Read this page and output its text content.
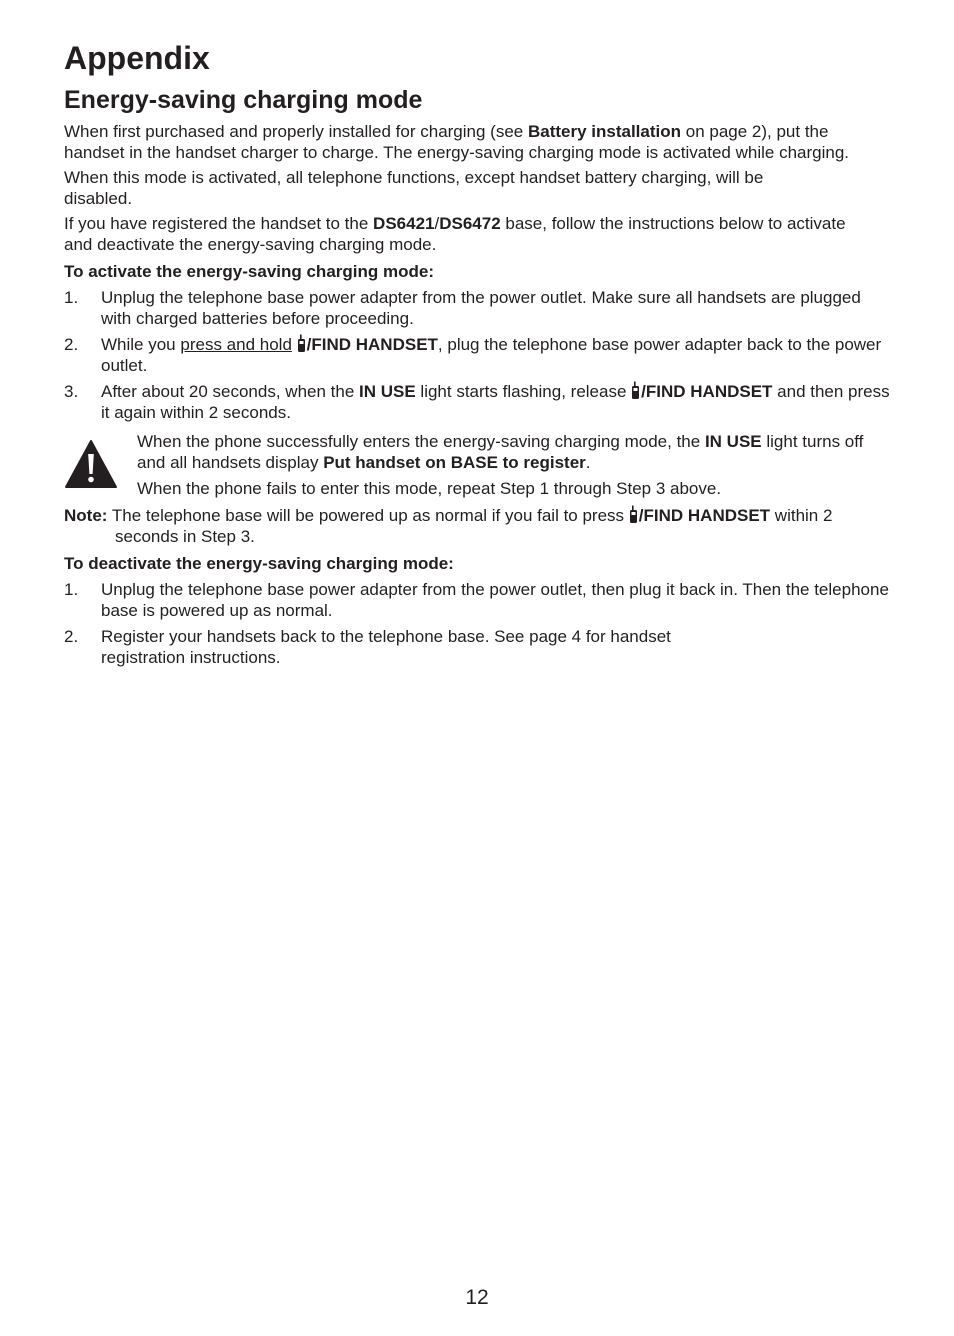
Appendix
Energy-saving charging mode

When first purchased and properly installed for charging (see Battery installation on page 2), put the handset in the handset charger to charge. The energy-saving charging mode is activated while charging.

When this mode is activated, all telephone functions, except handset battery charging, will be disabled.

If you have registered the handset to the DS6421/DS6472 base, follow the instructions below to activate and deactivate the energy-saving charging mode.

To activate the energy-saving charging mode:

1. Unplug the telephone base power adapter from the power outlet. Make sure all handsets are plugged with charged batteries before proceeding.
2. While you press and hold /FIND HANDSET, plug the telephone base power adapter back to the power outlet.
3. After about 20 seconds, when the IN USE light starts flashing, release
/FIND HANDSET and then press it again within 2 seconds.

When the phone successfully enters the energy-saving charging mode, the IN USE light turns off and all handsets display Put handset on BASE to register.

When the phone fails to enter this mode, repeat Step 1 through Step 3 above.

Note: The telephone base will be powered up as normal if you fail to press
/FIND HANDSET within 2 seconds in Step 3.

To deactivate the energy-saving charging mode:

1. Unplug the telephone base power adapter from the power outlet, then plug it back in. Then the telephone base is powered up as normal.
2. Register your handsets back to the telephone base. See page 4 for handset registration instructions.
12
